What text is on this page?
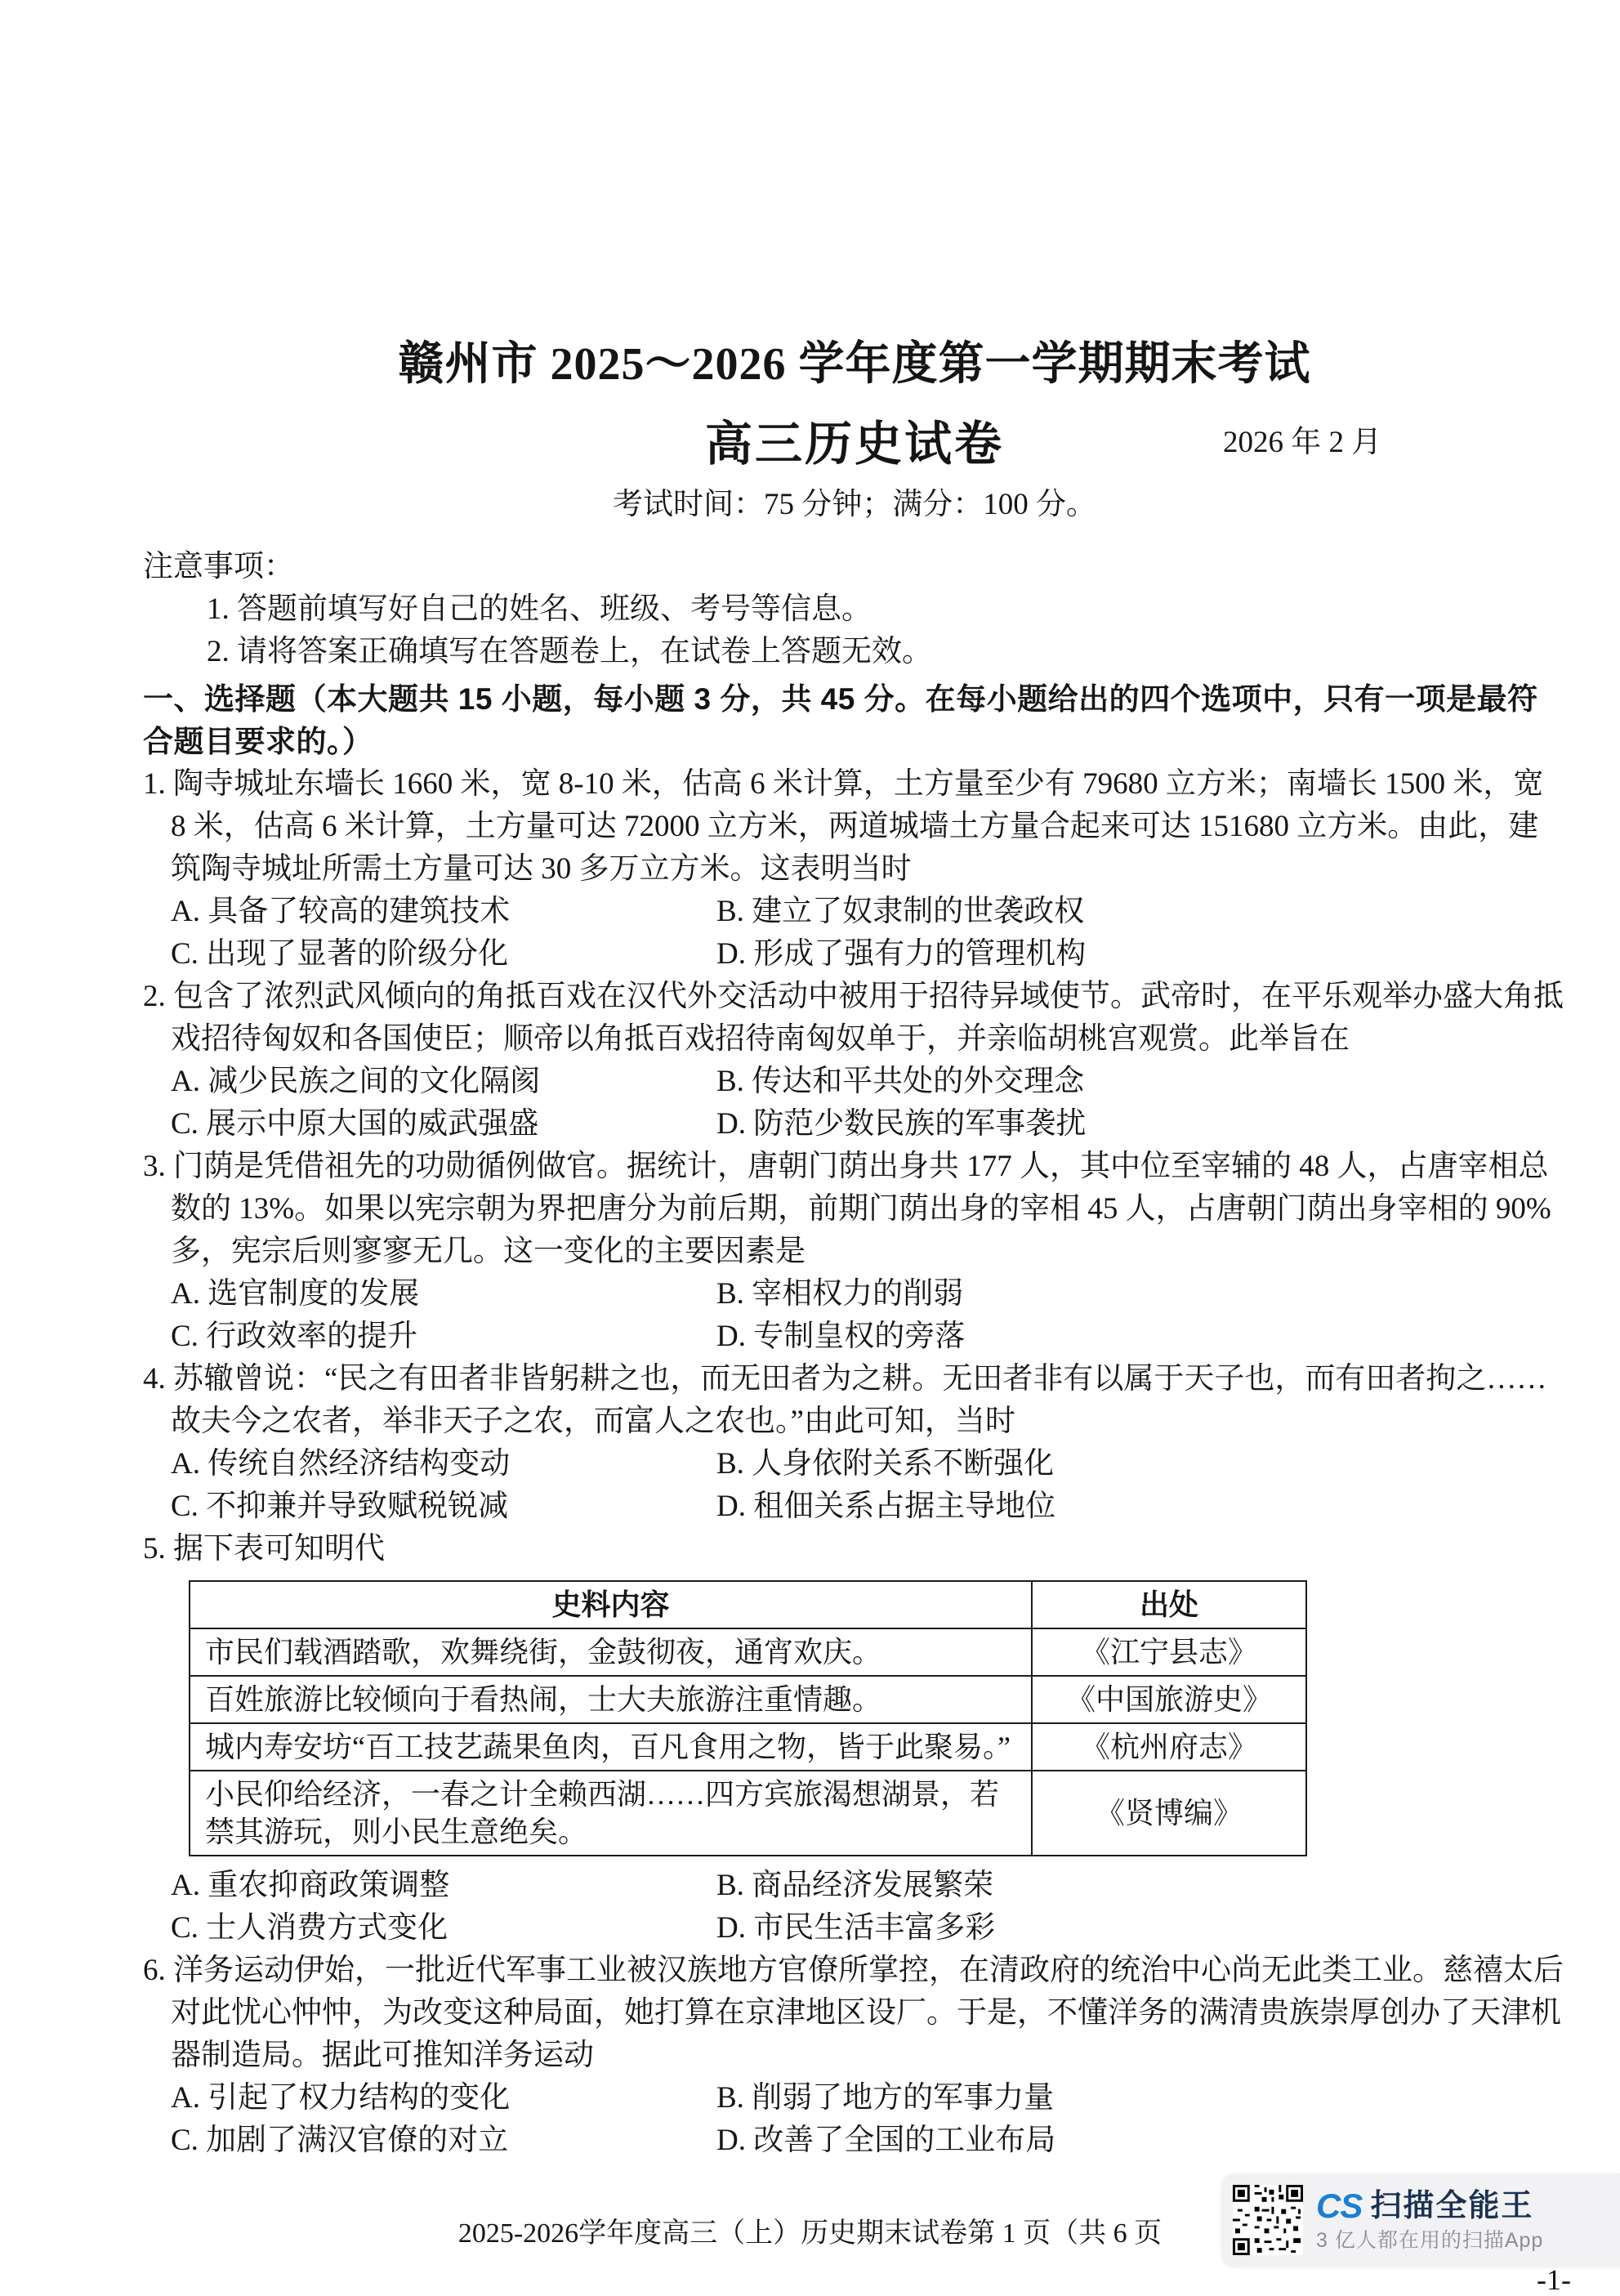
赣州市 2025～2026 学年度第一学期期末考试
高三历史试卷	2026 年 2 月
考试时间：75 分钟；满分：100 分。
注意事项：
1. 答题前填写好自己的姓名、班级、考号等信息。
2. 请将答案正确填写在答题卷上，在试卷上答题无效。
一、选择题（本大题共 15 小题，每小题 3 分，共 45 分。在每小题给出的四个选项中，只有一项是最符合题目要求的。）
1. 陶寺城址东墙长 1660 米，宽 8-10 米，估高 6 米计算，土方量至少有 79680 立方米；南墙长 1500 米，宽 8 米，估高 6 米计算，土方量可达 72000 立方米，两道城墙土方量合起来可达 151680 立方米。由此，建筑陶寺城址所需土方量可达 30 多万立方米。这表明当时
A. 具备了较高的建筑技术	B. 建立了奴隶制的世袭政权
C. 出现了显著的阶级分化	D. 形成了强有力的管理机构
2. 包含了浓烈武风倾向的角抵百戏在汉代外交活动中被用于招待异域使节。武帝时，在平乐观举办盛大角抵戏招待匈奴和各国使臣；顺帝以角抵百戏招待南匈奴单于，并亲临胡桃宫观赏。此举旨在
A. 减少民族之间的文化隔阂	B. 传达和平共处的外交理念
C. 展示中原大国的威武强盛	D. 防范少数民族的军事袭扰
3. 门荫是凭借祖先的功勋循例做官。据统计，唐朝门荫出身共 177 人，其中位至宰辅的 48 人，占唐宰相总数的 13%。如果以宪宗朝为界把唐分为前后期，前期门荫出身的宰相 45 人，占唐朝门荫出身宰相的 90%多，宪宗后则寥寥无几。这一变化的主要因素是
A. 选官制度的发展	B. 宰相权力的削弱
C. 行政效率的提升	D. 专制皇权的旁落
4. 苏辙曾说：“民之有田者非皆躬耕之也，而无田者为之耕。无田者非有以属于天子也，而有田者拘之……故夫今之农者，举非天子之农，而富人之农也。”由此可知，当时
A. 传统自然经济结构变动	B. 人身依附关系不断强化
C. 不抑兼并导致赋税锐减	D. 租佃关系占据主导地位
5. 据下表可知明代
史料内容	出处
市民们载酒踏歌，欢舞绕街，金鼓彻夜，通宵欢庆。	《江宁县志》
百姓旅游比较倾向于看热闹，士大夫旅游注重情趣。	《中国旅游史》
城内寿安坊“百工技艺蔬果鱼肉，百凡食用之物，皆于此聚易。”	《杭州府志》
小民仰给经济，一春之计全赖西湖……四方宾旅渴想湖景，若禁其游玩，则小民生意绝矣。	《贤博编》
A. 重农抑商政策调整	B. 商品经济发展繁荣
C. 士人消费方式变化	D. 市民生活丰富多彩
6. 洋务运动伊始，一批近代军事工业被汉族地方官僚所掌控，在清政府的统治中心尚无此类工业。慈禧太后对此忧心忡忡，为改变这种局面，她打算在京津地区设厂。于是，不懂洋务的满清贵族崇厚创办了天津机器制造局。据此可推知洋务运动
A. 引起了权力结构的变化	B. 削弱了地方的军事力量
C. 加剧了满汉官僚的对立	D. 改善了全国的工业布局
2025-2026学年度高三（上）历史期末试卷第 1 页（共 6 页
CS 扫描全能王
3 亿人都在用的扫描App
-1-
